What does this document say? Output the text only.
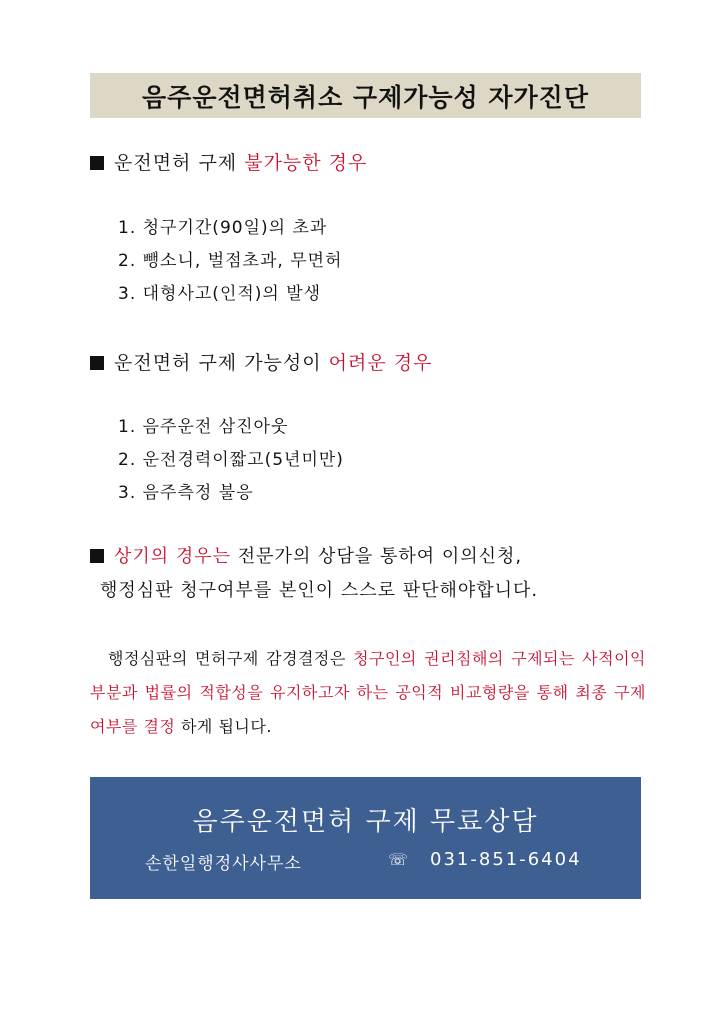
음주운전면허취소 구제가능성 자가진단
운전면허 구제 불가능한 경우
1. 청구기간(90일)의 초과
2. 뺑소니, 벌점초과, 무면허
3. 대형사고(인적)의 발생
운전면허 구제 가능성이 어려운 경우
1. 음주운전 삼진아웃
2. 운전경력이짧고(5년미만)
3. 음주측정 불응
상기의 경우는 전문가의 상담을 통하여 이의신청,
행정심판 청구여부를 본인이 스스로 판단해야합니다.
행정심판의 면허구제 감경결정은 청구인의 권리침해의 구제되는 사적이익부분과 법률의 적합성을 유지하고자 하는 공익적 비교형량을 통해 최종 구제여부를 결정 하게 됩니다.
음주운전면허 구제 무료상담
손한일행정사사무소	☏ 031-851-6404
